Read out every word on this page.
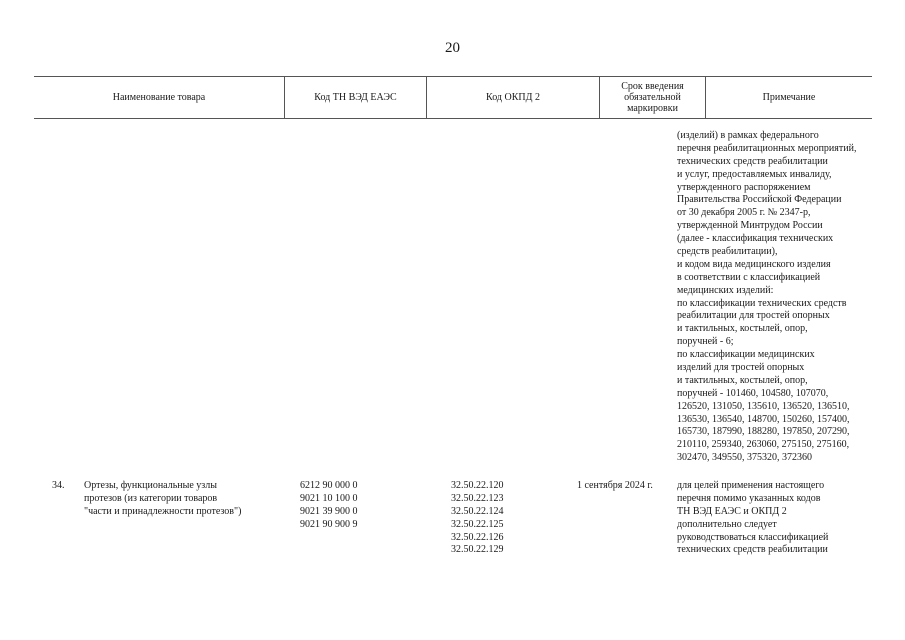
20
Наименование товара	Код ТН ВЭД ЕАЭС	Код ОКПД 2
Срок введения
обязательной
маркировки
Примечание
(изделий) в рамках федерального
перечня реабилитационных мероприятий,
технических средств реабилитации
и услуг, предоставляемых инвалиду,
утвержденного распоряжением
Правительства Российской Федерации
от 30 декабря 2005 г. № 2347-р,
утвержденной Минтрудом России
(далее - классификация технических
средств реабилитации),
и кодом вида медицинского изделия
в соответствии с классификацией
медицинских изделий:
по классификации технических средств
реабилитации для тростей опорных
и тактильных, костылей, опор,
поручней - 6;
по классификации медицинских
изделий для тростей опорных
и тактильных, костылей, опор,
поручней - 101460, 104580, 107070,
126520, 131050, 135610, 136520, 136510,
136530, 136540, 148700, 150260, 157400,
165730, 187990, 188280, 197850, 207290,
210110, 259340, 263060, 275150, 275160,
302470, 349550, 375320, 372360
34. Ортезы, функциональные узлы
протезов (из категории товаров
"части и принадлежности протезов")
6212 90 000 0
9021 10 100 0
9021 39 900 0
9021 90 900 9
32.50.22.120
32.50.22.123
32.50.22.124
32.50.22.125
32.50.22.126
32.50.22.129
1 сентября 2024 г. для целей применения настоящего
перечня помимо указанных кодов
ТН ВЭД ЕАЭС и ОКПД 2
дополнительно следует
руководствоваться классификацией
технических средств реабилитации
